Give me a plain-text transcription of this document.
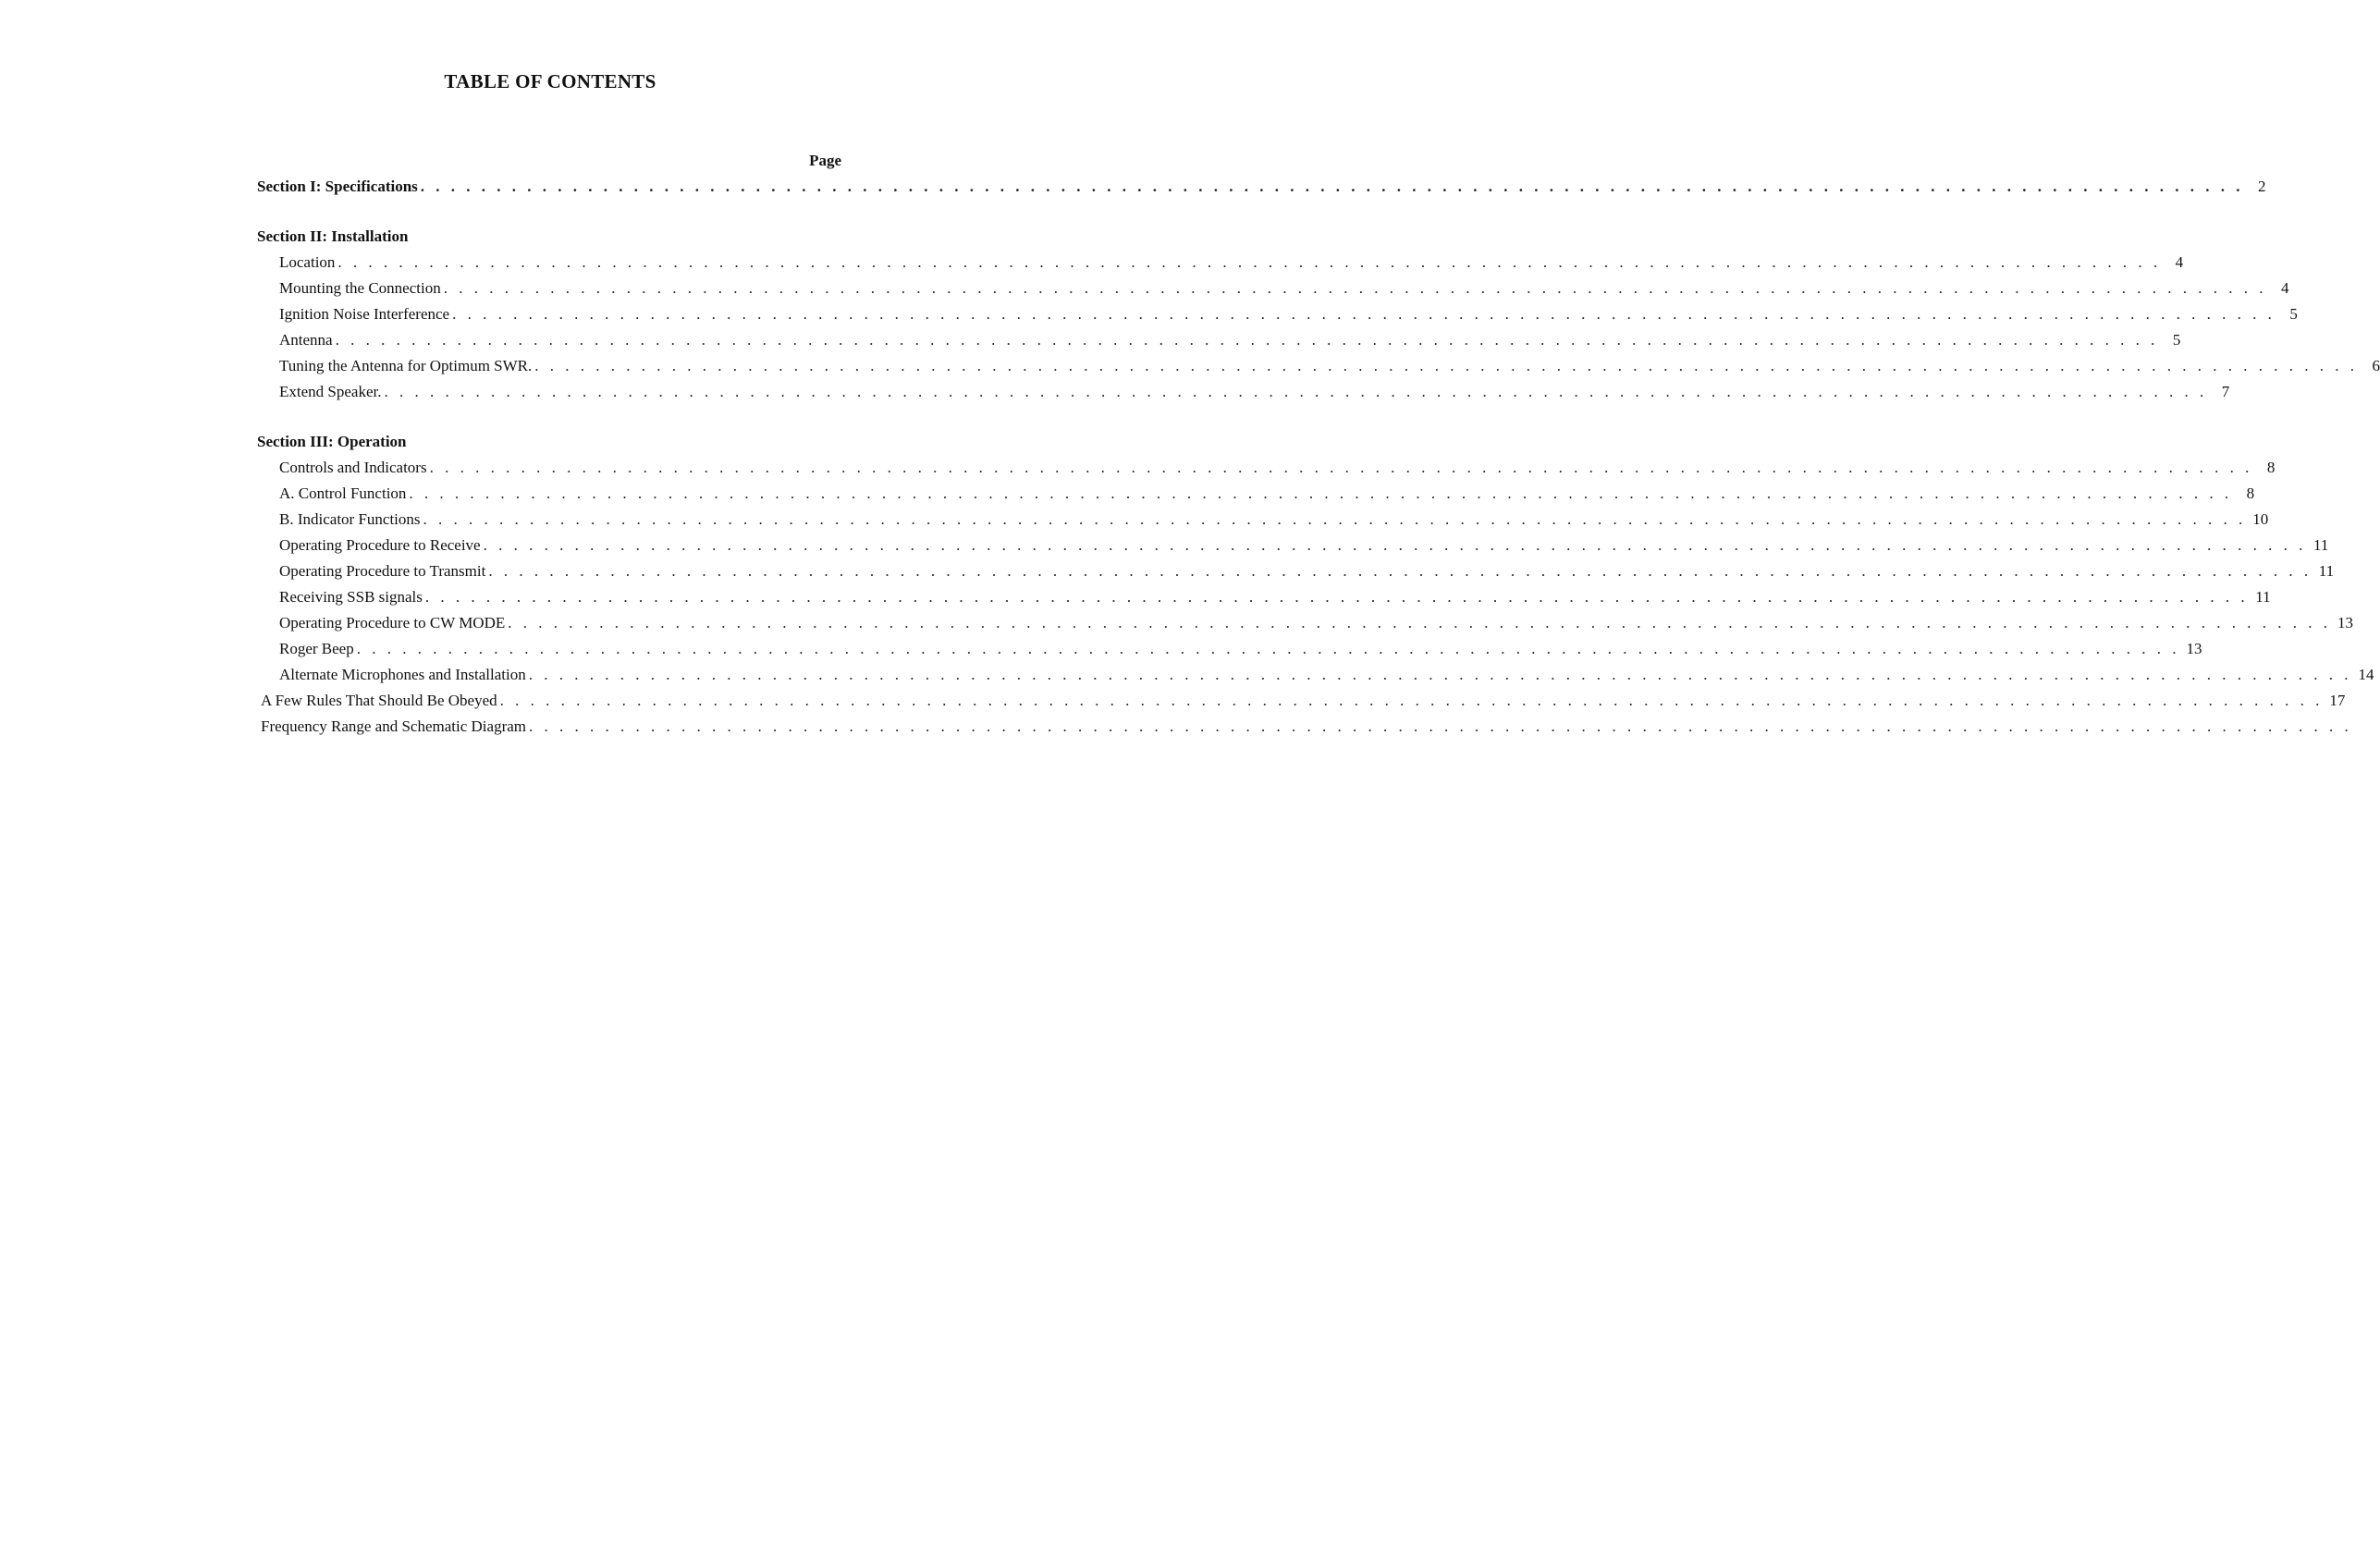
TABLE OF CONTENTS
Page
Section I: Specifications . . . . . . . . . . . . . . . . . . . . . . . . . . . . . . . . . . . . . . . . . . . . . . . . . . . . . . . . . . . . . . . . . . . . . . . . . . . . . . . . . . . . . . . . . . . . . . . . . . . . . . . . . . . . . . . . . . . . . . . . 2
Section II: Installation
Location . . . . . . . . . . . . . . . . . . . . . . . . . . . . . . . . . . . . . . . . . . . . . . . . . . . . . . . . . . . . . . . . . . . . . . . . . . . . . . . . . . . . . . . . . . . . . . . . . . . . . . . . . . . . . . . . . . . . . . . . 4
Mounting the Connection . . . . . . . . . . . . . . . . . . . . . . . . . . . . . . . . . . . . . . . . . . . . . . . . . . . . . . . . . . . . . . . . . . . . . . . . . . . . . . . . . . . . . . . . . . . . . . . . . . . . . . . . . . . . . . . . . . . . . . . . 4
Ignition Noise Interference . . . . . . . . . . . . . . . . . . . . . . . . . . . . . . . . . . . . . . . . . . . . . . . . . . . . . . . . . . . . . . . . . . . . . . . . . . . . . . . . . . . . . . . . . . . . . . . . . . . . . . . . . . . . . . . . . . . . . . . . 5
Antenna . . . . . . . . . . . . . . . . . . . . . . . . . . . . . . . . . . . . . . . . . . . . . . . . . . . . . . . . . . . . . . . . . . . . . . . . . . . . . . . . . . . . . . . . . . . . . . . . . . . . . . . . . . . . . . . . . . . . . . . . 5
Tuning the Antenna for Optimum SWR. . . . . . . . . . . . . . . . . . . . . . . . . . . . . . . . . . . . . . . . . . . . . . . . . . . . . . . . . . . . . . . . . . . . . . . . . . . . . . . . . . . . . . . . . . . . . . . . . . . . . . . . . . . . . . . . . . . . . . . . . 6
Extend Speaker. . . . . . . . . . . . . . . . . . . . . . . . . . . . . . . . . . . . . . . . . . . . . . . . . . . . . . . . . . . . . . . . . . . . . . . . . . . . . . . . . . . . . . . . . . . . . . . . . . . . . . . . . . . . . . . . . . . . . . . . . 7
Section III: Operation
Controls and Indicators . . . . . . . . . . . . . . . . . . . . . . . . . . . . . . . . . . . . . . . . . . . . . . . . . . . . . . . . . . . . . . . . . . . . . . . . . . . . . . . . . . . . . . . . . . . . . . . . . . . . . . . . . . . . . . . . . . . . . . . . 8
A. Control Function . . . . . . . . . . . . . . . . . . . . . . . . . . . . . . . . . . . . . . . . . . . . . . . . . . . . . . . . . . . . . . . . . . . . . . . . . . . . . . . . . . . . . . . . . . . . . . . . . . . . . . . . . . . . . . . . . . . . . . . . 8
B. Indicator Functions . . . . . . . . . . . . . . . . . . . . . . . . . . . . . . . . . . . . . . . . . . . . . . . . . . . . . . . . . . . . . . . . . . . . . . . . . . . . . . . . . . . . . . . . . . . . . . . . . . . . . . . . . . . . . . . . . . . . . . . . 10
Operating Procedure to Receive . . . . . . . . . . . . . . . . . . . . . . . . . . . . . . . . . . . . . . . . . . . . . . . . . . . . . . . . . . . . . . . . . . . . . . . . . . . . . . . . . . . . . . . . . . . . . . . . . . . . . . . . . . . . . . . . . . . . . . . . 11
Operating Procedure to Transmit . . . . . . . . . . . . . . . . . . . . . . . . . . . . . . . . . . . . . . . . . . . . . . . . . . . . . . . . . . . . . . . . . . . . . . . . . . . . . . . . . . . . . . . . . . . . . . . . . . . . . . . . . . . . . . . . . . . . . . . . 11
Receiving SSB signals . . . . . . . . . . . . . . . . . . . . . . . . . . . . . . . . . . . . . . . . . . . . . . . . . . . . . . . . . . . . . . . . . . . . . . . . . . . . . . . . . . . . . . . . . . . . . . . . . . . . . . . . . . . . . . . . . . . . . . . . 11
Operating Procedure to CW MODE . . . . . . . . . . . . . . . . . . . . . . . . . . . . . . . . . . . . . . . . . . . . . . . . . . . . . . . . . . . . . . . . . . . . . . . . . . . . . . . . . . . . . . . . . . . . . . . . . . . . . . . . . . . . . . . . . . . . . . . . 13
Roger Beep . . . . . . . . . . . . . . . . . . . . . . . . . . . . . . . . . . . . . . . . . . . . . . . . . . . . . . . . . . . . . . . . . . . . . . . . . . . . . . . . . . . . . . . . . . . . . . . . . . . . . . . . . . . . . . . . . . . . . . . . 13
Alternate Microphones and Installation . . . . . . . . . . . . . . . . . . . . . . . . . . . . . . . . . . . . . . . . . . . . . . . . . . . . . . . . . . . . . . . . . . . . . . . . . . . . . . . . . . . . . . . . . . . . . . . . . . . . . . . . . . . . . . . . . . . . . . . . 14
A Few Rules That Should Be Obeyed . . . . . . . . . . . . . . . . . . . . . . . . . . . . . . . . . . . . . . . . . . . . . . . . . . . . . . . . . . . . . . . . . . . . . . . . . . . . . . . . . . . . . . . . . . . . . . . . . . . . . . . . . . . . . . . . . . . . . . . . 17
Frequency Range and Schematic Diagram . . . . . . . . . . . . . . . . . . . . . . . . . . . . . . . . . . . . . . . . . . . . . . . . . . . . . . . . . . . . . . . . . . . . . . . . . . . . . . . . . . . . . . . . . . . . . . . . . . . . . . . . . . . . . . . . . . . . . . . .
